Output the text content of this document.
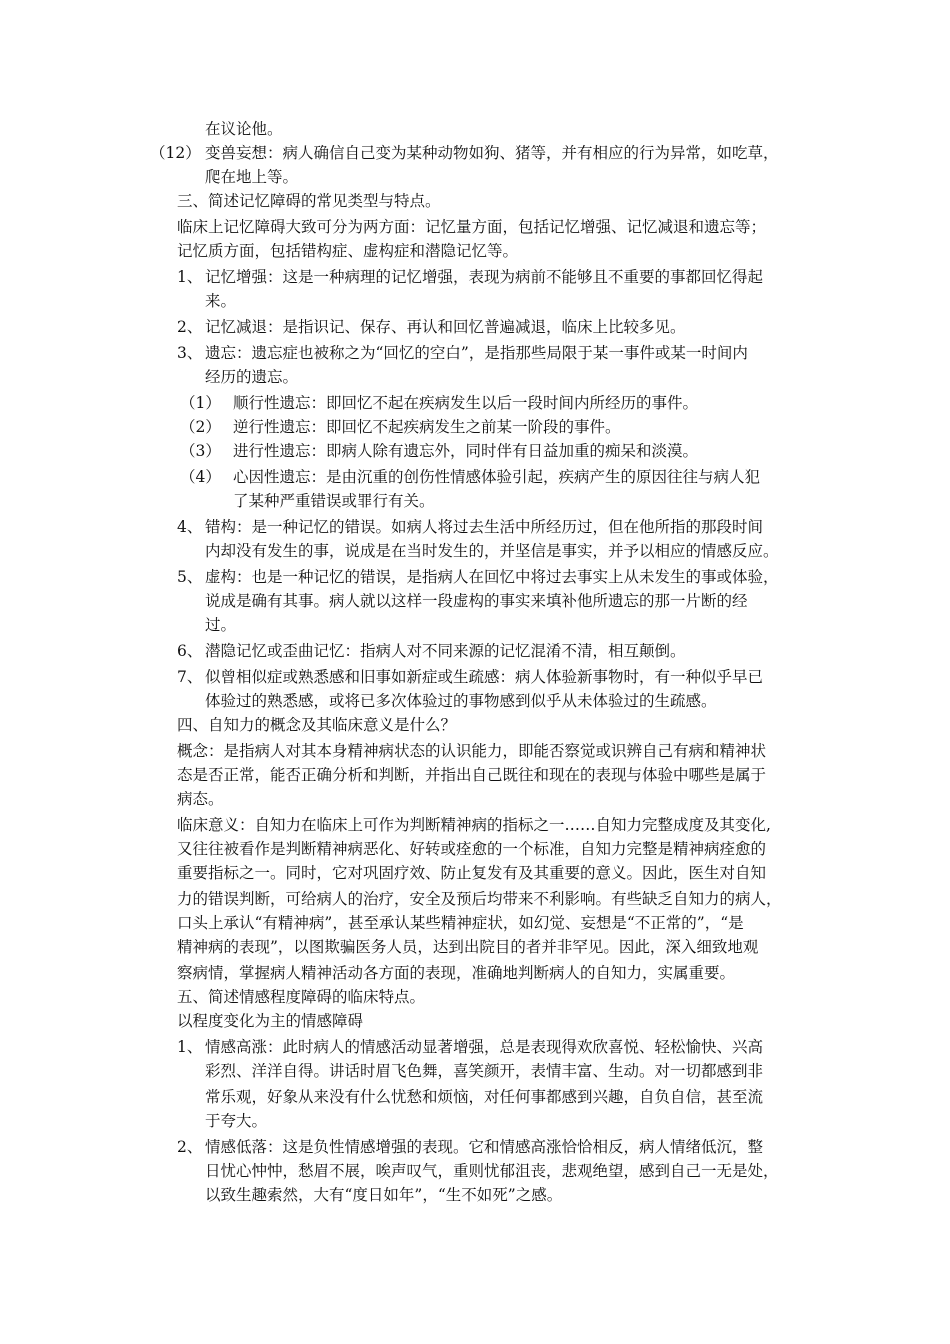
在议论他。
（12） 变兽妄想：病人确信自己变为某种动物如狗、猪等，并有相应的行为异常，如吃草，
爬在地上等。
三、简述记忆障碍的常见类型与特点。
临床上记忆障碍大致可分为两方面：记忆量方面，包括记忆增强、记忆减退和遗忘等；
记忆质方面，包括错构症、虚构症和潜隐记忆等。
1、 记忆增强：这是一种病理的记忆增强，表现为病前不能够且不重要的事都回忆得起
来。
2、 记忆减退：是指识记、保存、再认和回忆普遍减退，临床上比较多见。
3、 遗忘：遗忘症也被称之为“回忆的空白”，是指那些局限于某一事件或某一时间内
经历的遗忘。
（1） 顺行性遗忘：即回忆不起在疾病发生以后一段时间内所经历的事件。
（2） 逆行性遗忘：即回忆不起疾病发生之前某一阶段的事件。
（3） 进行性遗忘：即病人除有遗忘外，同时伴有日益加重的痴呆和淡漠。
（4） 心因性遗忘：是由沉重的创伤性情感体验引起，疾病产生的原因往往与病人犯
了某种严重错误或罪行有关。
4、 错构：是一种记忆的错误。如病人将过去生活中所经历过，但在他所指的那段时间
内却没有发生的事，说成是在当时发生的，并坚信是事实，并予以相应的情感反应。
5、 虚构：也是一种记忆的错误，是指病人在回忆中将过去事实上从未发生的事或体验，
说成是确有其事。病人就以这样一段虚构的事实来填补他所遗忘的那一片断的经
过。
6、 潜隐记忆或歪曲记忆：指病人对不同来源的记忆混淆不清，相互颠倒。
7、 似曾相似症或熟悉感和旧事如新症或生疏感：病人体验新事物时，有一种似乎早已
体验过的熟悉感，或将已多次体验过的事物感到似乎从未体验过的生疏感。
四、自知力的概念及其临床意义是什么？
概念：是指病人对其本身精神病状态的认识能力，即能否察觉或识辨自己有病和精神状
态是否正常，能否正确分析和判断，并指出自己既往和现在的表现与体验中哪些是属于
病态。
临床意义：自知力在临床上可作为判断精神病的指标之一……自知力完整成度及其变化,
又往往被看作是判断精神病恶化、好转或痊愈的一个标准，自知力完整是精神病痊愈的
重要指标之一。同时，它对巩固疗效、防止复发有及其重要的意义。因此，医生对自知
力的错误判断，可给病人的治疗，安全及预后均带来不利影响。有些缺乏自知力的病人，
口头上承认“有精神病”，甚至承认某些精神症状，如幻觉、妄想是“不正常的”，“是
精神病的表现”，以图欺骗医务人员，达到出院目的者并非罕见。因此，深入细致地观
察病情，掌握病人精神活动各方面的表现，准确地判断病人的自知力，实属重要。
五、简述情感程度障碍的临床特点。
以程度变化为主的情感障碍
1、 情感高涨：此时病人的情感活动显著增强，总是表现得欢欣喜悦、轻松愉快、兴高
彩烈、洋洋自得。讲话时眉飞色舞，喜笑颜开，表情丰富、生动。对一切都感到非
常乐观，好象从来没有什么忧愁和烦恼，对任何事都感到兴趣，自负自信，甚至流
于夸大。
2、 情感低落：这是负性情感增强的表现。它和情感高涨恰恰相反，病人情绪低沉，整
日忧心忡忡，愁眉不展，唉声叹气，重则忧郁沮丧，悲观绝望，感到自己一无是处，
以致生趣索然，大有“度日如年”，“生不如死”之感。
